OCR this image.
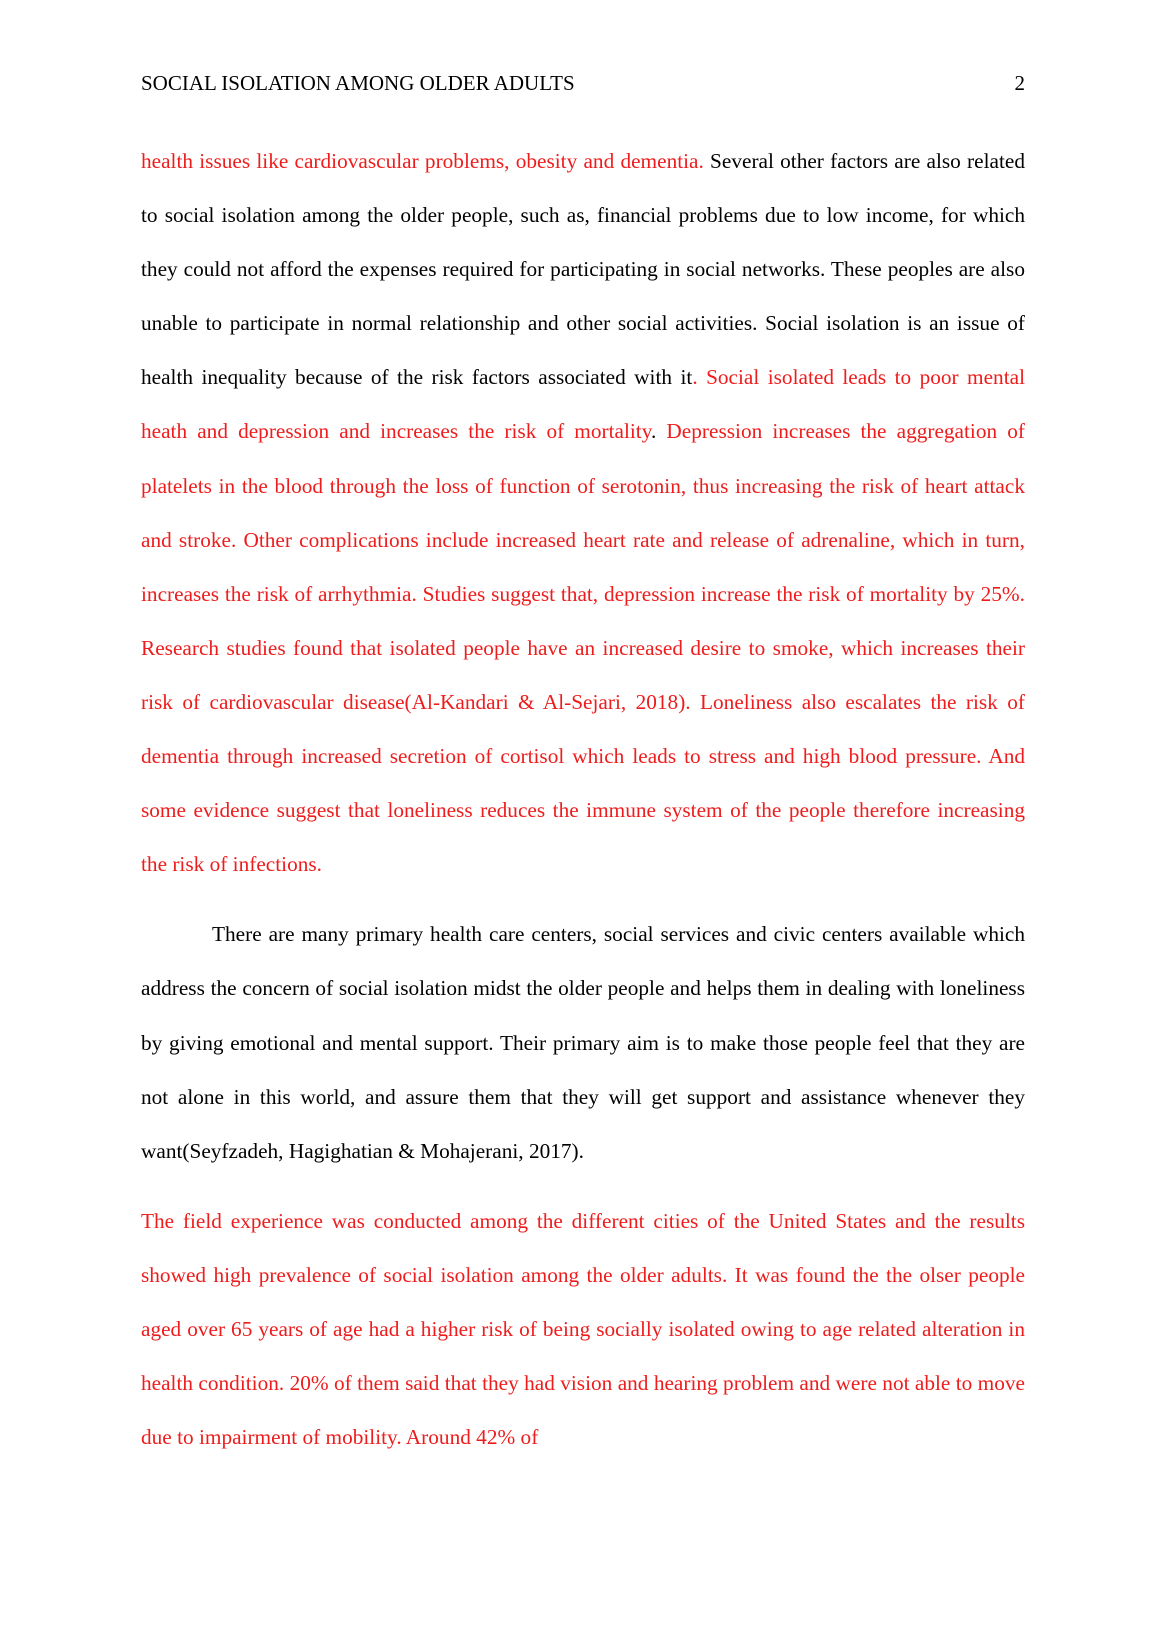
SOCIAL ISOLATION AMONG OLDER ADULTS	2

health issues like cardiovascular problems, obesity and dementia. Several other factors are also related to social isolation among the older people, such as, financial problems due to low income, for which they could not afford the expenses required for participating in social networks. These peoples are also unable to participate in normal relationship and other social activities. Social isolation is an issue of health inequality because of the risk factors associated with it. Social isolated leads to poor mental heath and depression and increases the risk of mortality. Depression increases the aggregation of platelets in the blood through the loss of function of serotonin, thus increasing the risk of heart attack and stroke. Other complications include increased heart rate and release of adrenaline, which in turn, increases the risk of arrhythmia. Studies suggest that, depression increase the risk of mortality by 25%. Research studies found that isolated people have an increased desire to smoke, which increases their risk of cardiovascular disease(Al-Kandari & Al-Sejari, 2018). Loneliness also escalates the risk of dementia through increased secretion of cortisol which leads to stress and high blood pressure. And some evidence suggest that loneliness reduces the immune system of the people therefore increasing the risk of infections.

There are many primary health care centers, social services and civic centers available which address the concern of social isolation midst the older people and helps them in dealing with loneliness by giving emotional and mental support. Their primary aim is to make those people feel that they are not alone in this world, and assure them that they will get support and assistance whenever they want(Seyfzadeh, Hagighatian & Mohajerani, 2017).

The field experience was conducted among the different cities of the United States and the results showed high prevalence of social isolation among the older adults. It was found the the olser people aged over 65 years of age had a higher risk of being socially isolated owing to age related alteration in health condition. 20% of them said that they had vision and hearing problem and were not able to move due to impairment of mobility. Around 42% of
